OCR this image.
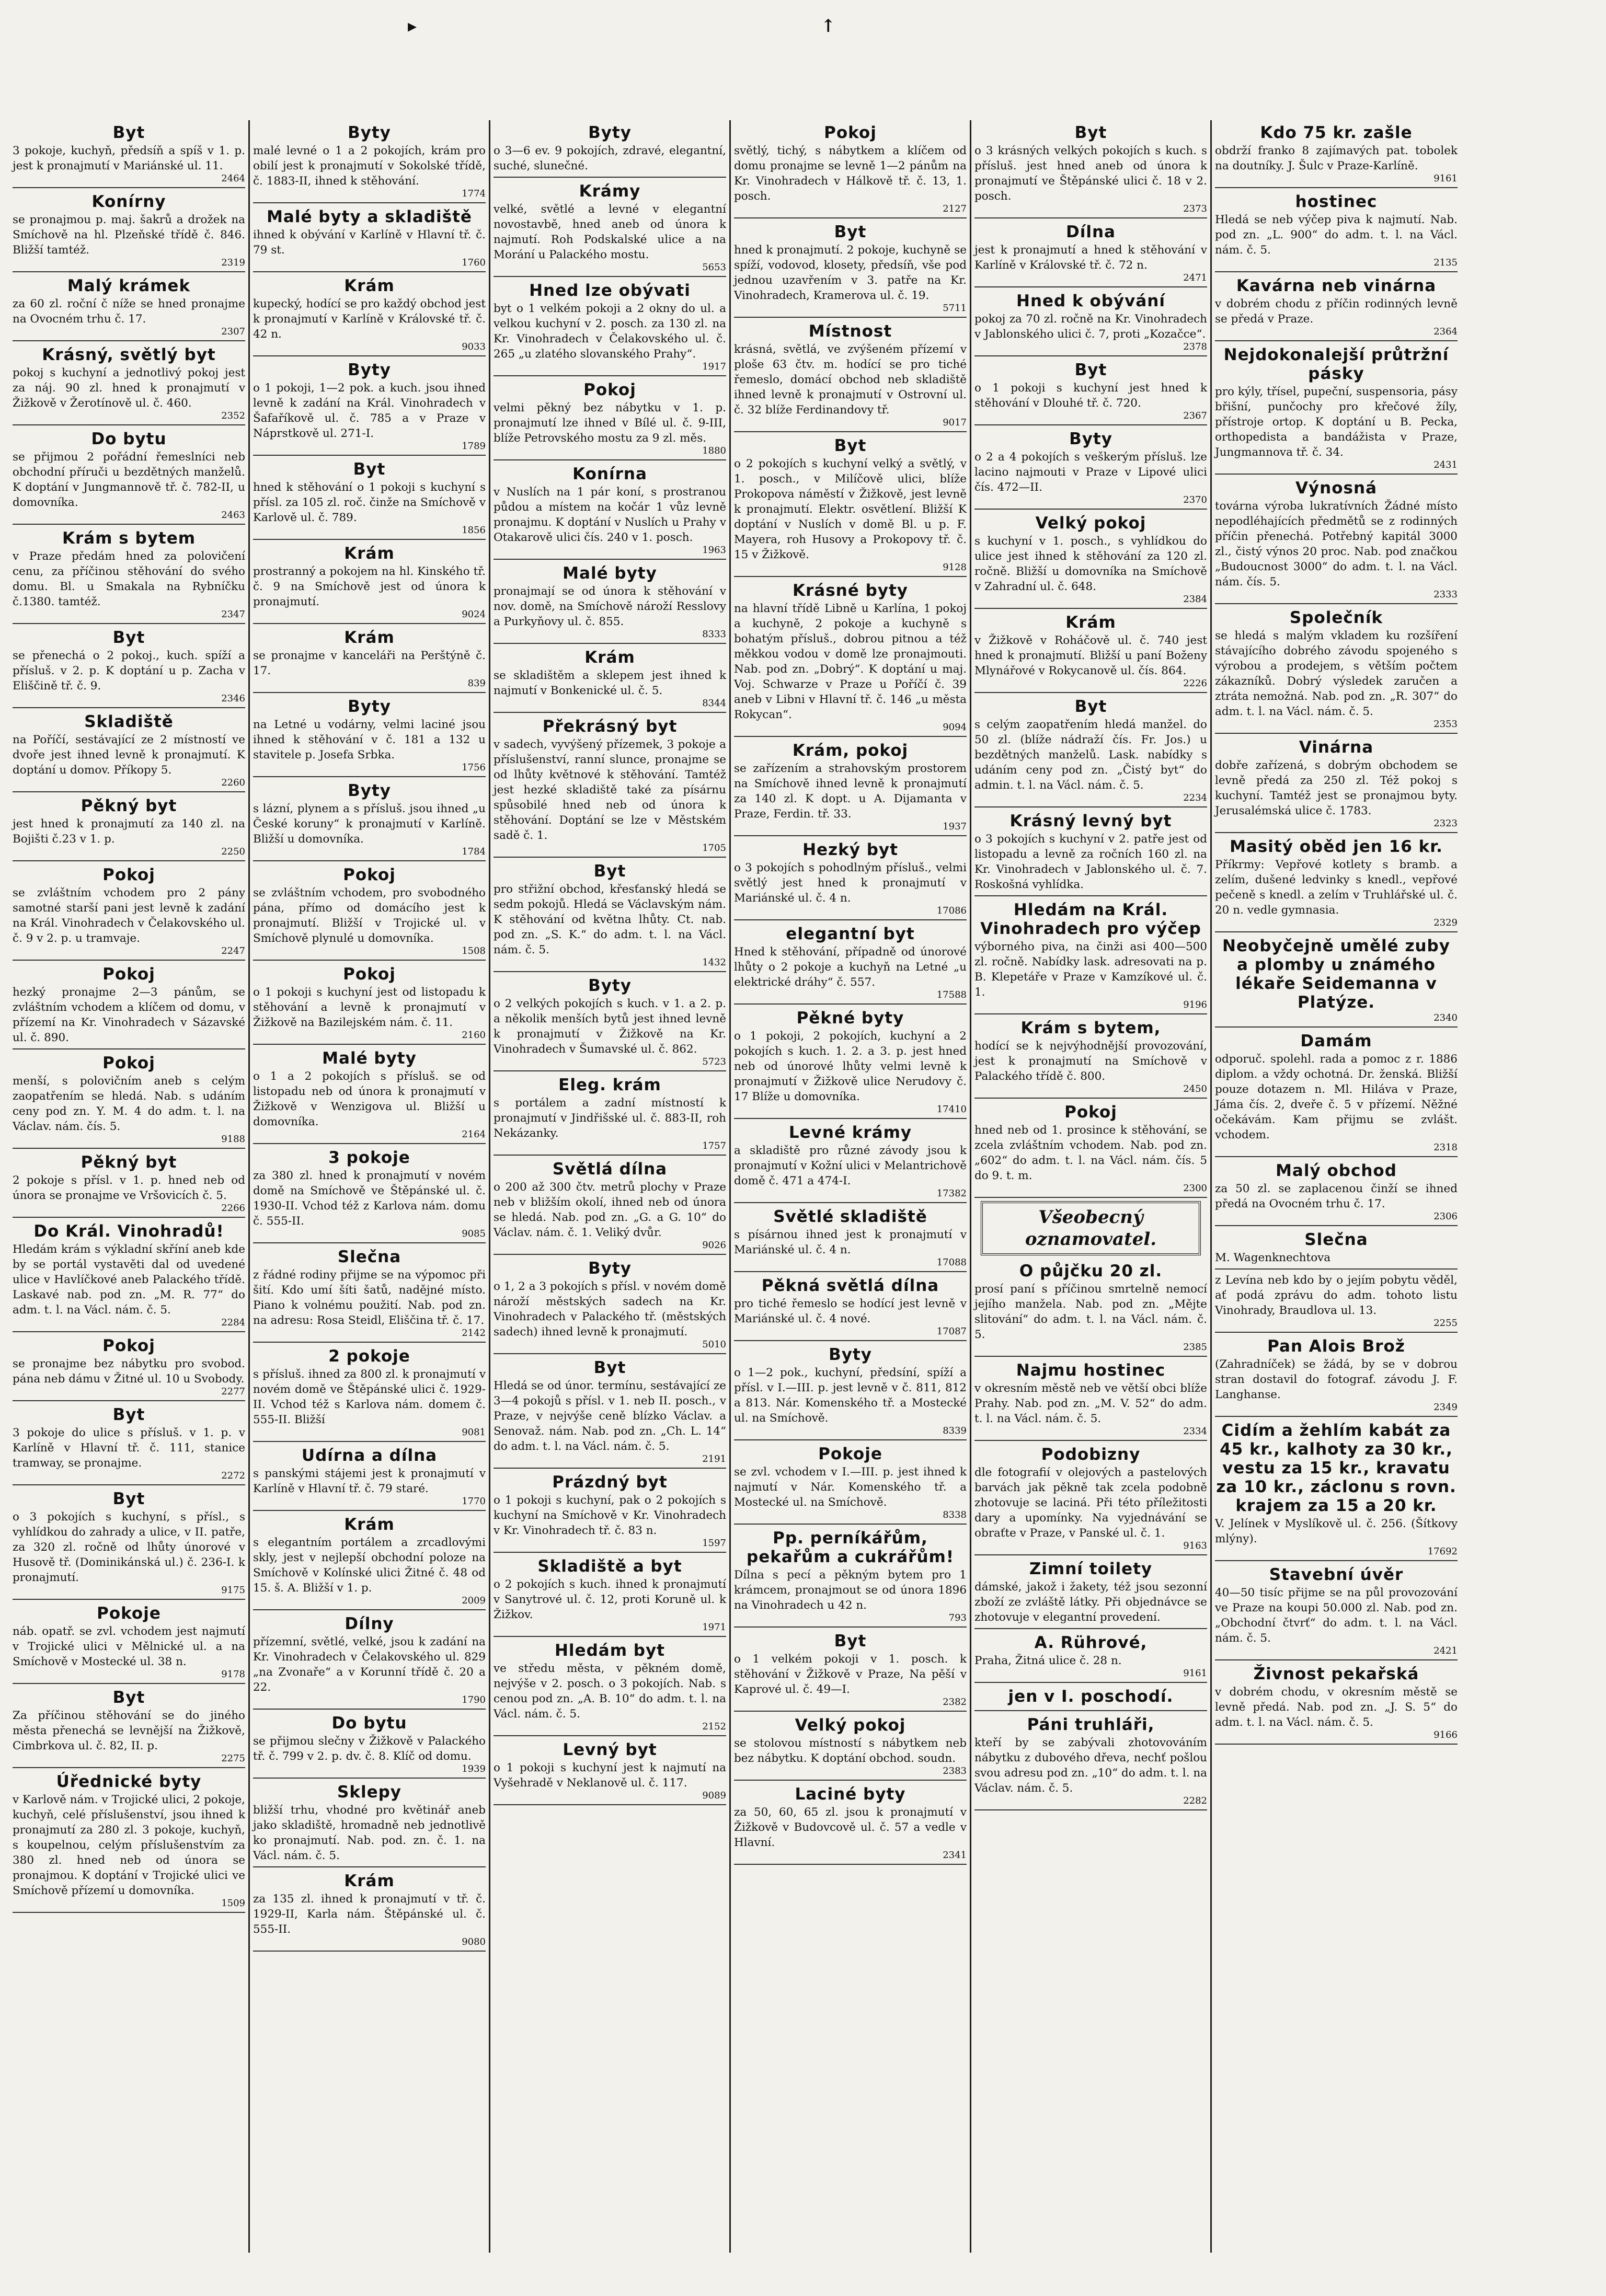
▸	↑
Byt

3 pokoje, kuchyň, předsíň a spíš v 1. p. jest k pronajmutí v Mariánské ul. 11.

2464
Konírny

se pronajmou p. maj. šakrů a drožek na Smíchově na hl. Plzeňské třídě č. 846. Bližší tamtéž.

2319
Malý krámek

za 60 zl. roční č níže se hned pronajme na Ovocném trhu č. 17.

2307
Krásný, světlý byt

pokoj s kuchyní a jednotlivý pokoj jest za náj. 90 zl. hned k pronajmutí v Žižkově v Žerotínově ul. č. 460.

2352
Do bytu

se přijmou 2 pořádní řemeslníci neb obchodní příruči u bezdětných manželů. K doptání v Jungmannově tř. č. 782-II, u domovníka.

2463
Krám s bytem

v Praze předám hned za polovičení cenu, za příčinou stěhování do svého domu. Bl. u Smakala na Rybníčku č.1380. tamtéž.

2347
Byt

se přenechá o 2 pokoj., kuch. spíží a přísluš. v 2. p. K doptání u p. Zacha v Eliščině tř. č. 9.

2346
Skladiště

na Poříčí, sestávající ze 2 místností ve dvoře jest ihned levně k pronajmutí. K doptání u domov. Příkopy 5.

2260
Pěkný byt

jest hned k pronajmutí za 140 zl. na Bojišti č.23 v 1. p.

2250
Pokoj

se zvláštním vchodem pro 2 pány samotné starší pani jest levně k zadání na Král. Vinohradech v Čelakovského ul. č. 9 v 2. p. u tramvaje.

2247
Pokoj

hezký pronajme 2—3 pánům, se zvláštním vchodem a klíčem od domu, v přízemí na Kr. Vinohradech v Sázavské ul. č. 890.

Pokoj

menší, s polovičním aneb s celým zaopatřením se hledá. Nab. s udáním ceny pod zn. Y. M. 4 do adm. t. l. na Václav. nám. čís. 5.

9188
Pěkný byt

2 pokoje s přísl. v 1. p. hned neb od února se pronajme ve Vršovicích č. 5.

2266
Do Král. Vinohradů!

Hledám krám s výkladní skříní aneb kde by se portál vystavěti dal od uvedené ulice v Havlíčkové aneb Palackého třídě. Laskavé nab. pod zn. „M. R. 77“ do adm. t. l. na Václ. nám. č. 5.

2284
Pokoj

se pronajme bez nábytku pro svobod. pána neb dámu v Žitné ul. 10 u Svobody.

2277
Byt

3 pokoje do ulice s přísluš. v 1. p. v Karlíně v Hlavní tř. č. 111, stanice tramway, se pronajme.

2272
Byt

o 3 pokojích s kuchyní, s přísl., s vyhlídkou do zahrady a ulice, v II. patře, za 320 zl. ročně od lhůty únorové v Husově tř. (Dominikánská ul.) č. 236-I. k pronajmutí.

9175
Pokoje

náb. opatř. se zvl. vchodem jest najmutí v Trojické ulici v Mělnické ul. a na Smíchově v Mostecké ul. 38 n.

9178
Byt

Za příčinou stěhování se do jiného města přenechá se levnější na Žižkově, Cimbrkova ul. č. 82, II. p.

2275
Úřednické byty

v Karlově nám. v Trojické ulici, 2 pokoje, kuchyň, celé příslušenství, jsou ihned k pronajmutí za 280 zl. 3 pokoje, kuchyň, s koupelnou, celým příslušenstvím za 380 zl. hned neb od února se pronajmou. K doptání v Trojické ulici ve Smíchově přízemí u domovníka.

1509
Byty

malé levné o 1 a 2 pokojích, krám pro obilí jest k pronajmutí v Sokolské třídě, č. 1883-II, ihned k stěhování.

1774
Malé byty a skladiště

ihned k obývání v Karlíně v Hlavní tř. č. 79 st.

1760
Krám

kupecký, hodící se pro každý obchod jest k pronajmutí v Karlíně v Královské tř. č. 42 n.

9033
Byty

o 1 pokoji, 1—2 pok. a kuch. jsou ihned levně k zadání na Král. Vinohradech v Šafaříkově ul. č. 785 a v Praze v Náprstkově ul. 271-I.

1789
Byt

hned k stěhování o 1 pokoji s kuchyní s přísl. za 105 zl. roč. činže na Smíchově v Karlově ul. č. 789.

1856
Krám

prostranný a pokojem na hl. Kinského tř. č. 9 na Smíchově jest od února k pronajmutí.

9024
Krám

se pronajme v kanceláři na Perštýně č. 17.

839
Byty

na Letné u vodárny, velmi laciné jsou ihned k stěhování v č. 181 a 132 u stavitele p. Josefa Srbka.

1756
Byty

s lázní, plynem a s přísluš. jsou ihned „u České koruny“ k pronajmutí v Karlíně. Bližší u domovníka.

1784
Pokoj

se zvláštním vchodem, pro svobodného pána, přímo od domácího jest k pronajmutí. Bližší v Trojické ul. v Smíchově plynulé u domovníka.

1508
Pokoj

o 1 pokoji s kuchyní jest od listopadu k stěhování a levně k pronajmutí v Žižkově na Bazilejském nám. č. 11.

2160
Malé byty

o 1 a 2 pokojích s přísluš. se od listopadu neb od února k pronajmutí v Žižkově v Wenzigova ul. Bližší u domovníka.

2164
3 pokoje

za 380 zl. hned k pronajmutí v novém domě na Smíchově ve Štěpánské ul. č. 1930-II. Vchod též z Karlova nám. domu č. 555-II.

9085
Slečna

z řádné rodiny přijme se na výpomoc při šití. Kdo umí šíti šatů, nadějné místo. Piano k volnému použití. Nab. pod zn. na adresu: Rosa Steidl, Eliščina tř. č. 17.

2142
2 pokoje

s přísluš. ihned za 800 zl. k pronajmutí v novém domě ve Štěpánské ulici č. 1929-II. Vchod též s Karlova nám. domem č. 555-II. Bližší

9081
Udírna a dílna

s panskými stájemi jest k pronajmutí v Karlíně v Hlavní tř. č. 79 staré.

1770
Krám

s elegantním portálem a zrcadlovými skly, jest v nejlepší obchodní poloze na Smíchově v Kolínské ulici Žitné č. 48 od 15. š. A. Bližší v 1. p.

2009
Dílny

přízemní, světlé, velké, jsou k zadání na Kr. Vinohradech v Čelakovského ul. 829 „na Zvonaře“ a v Korunní třídě č. 20 a 22.

1790
Do bytu

se přijmou slečny v Žižkově v Palackého tř. č. 799 v 2. p. dv. č. 8. Klíč od domu.

1939
Sklepy

bližší trhu, vhodné pro květinář aneb jako skladiště, hromadně neb jednotlivě ko pronajmutí. Nab. pod. zn. č. 1. na Václ. nám. č. 5.

Krám

za 135 zl. ihned k pronajmutí v tř. č. 1929-II, Karla nám. Štěpánské ul. č. 555-II.

9080
Byty

o 3—6 ev. 9 pokojích, zdravé, elegantní, suché, slunečné.

Krámy

velké, světlé a levné v elegantní novostavbě, hned aneb od února k najmutí. Roh Podskalské ulice a na Morání u Palackého mostu.

5653
Hned lze obývati

byt o 1 velkém pokoji a 2 okny do ul. a velkou kuchyní v 2. posch. za 130 zl. na Kr. Vinohradech v Čelakovského ul. č. 265 „u zlatého slovanského Prahy“.

1917
Pokoj

velmi pěkný bez nábytku v 1. p. pronajmutí lze ihned v Bílé ul. č. 9-III, blíže Petrovského mostu za 9 zl. měs.

1880
Konírna

v Nuslích na 1 pár koní, s prostranou půdou a místem na kočár 1 vůz levně pronajmu. K doptání v Nuslích u Prahy v Otakarově ulici čís. 240 v 1. posch.

1963
Malé byty

pronajmají se od února k stěhování v nov. domě, na Smíchově nároží Resslovy a Purkyňovy ul. č. 855.

8333
Krám

se skladištěm a sklepem jest ihned k najmutí v Bonkenické ul. č. 5.

8344
Překrásný byt

v sadech, vyvýšený přízemek, 3 pokoje a příslušenství, ranní slunce, pronajme se od lhůty květnové k stěhování. Tamtéž jest hezké skladiště také za písárnu spůsobilé hned neb od února k stěhování. Doptání se lze v Městském sadě č. 1.

1705
Byt

pro střižní obchod, křesťanský hledá se sedm pokojů. Hledá se Václavským nám. K stěhování od května lhůty. Ct. nab. pod zn. „S. K.“ do adm. t. l. na Václ. nám. č. 5.

1432
Byty

o 2 velkých pokojích s kuch. v 1. a 2. p. a několik menších bytů jest ihned levně k pronajmutí v Žižkově na Kr. Vinohradech v Šumavské ul. č. 862.

5723
Eleg. krám

s portálem a zadní místností k pronajmutí v Jindřišské ul. č. 883-II, roh Nekázanky.

1757
Světlá dílna

o 200 až 300 čtv. metrů plochy v Praze neb v bližším okolí, ihned neb od února se hledá. Nab. pod zn. „G. a G. 10“ do Václav. nám. č. 1. Veliký dvůr.

9026
Byty

o 1, 2 a 3 pokojích s přísl. v novém domě nároží městských sadech na Kr. Vinohradech v Palackého tř. (městských sadech) ihned levně k pronajmutí.

5010
Byt

Hledá se od únor. termínu, sestávající ze 3—4 pokojů s přísl. v 1. neb II. posch., v Praze, v nejvýše ceně blízko Václav. a Senovaž. nám. Nab. pod zn. „Ch. L. 14“ do adm. t. l. na Václ. nám. č. 5.

2191
Prázdný byt

o 1 pokoji s kuchyní, pak o 2 pokojích s kuchyní na Smíchově v Kr. Vinohradech v Kr. Vinohradech tř. č. 83 n.

1597
Skladiště a byt

o 2 pokojích s kuch. ihned k pronajmutí v Sanytrové ul. č. 12, proti Koruně ul. k Žižkov.

1971
Hledám byt

ve středu města, v pěkném domě, nejvýše v 2. posch. o 3 pokojích. Nab. s cenou pod zn. „A. B. 10“ do adm. t. l. na Václ. nám. č. 5.

2152
Levný byt

o 1 pokoji s kuchyní jest k najmutí na Vyšehradě v Neklanově ul. č. 117.

9089
Pokoj

světlý, tichý, s nábytkem a klíčem od domu pronajme se levně 1—2 pánům na Kr. Vinohradech v Hálkově tř. č. 13, 1. posch.

2127
Byt

hned k pronajmutí. 2 pokoje, kuchyně se spíží, vodovod, klosety, předsíň, vše pod jednou uzavřením v 3. patře na Kr. Vinohradech, Kramerova ul. č. 19.

5711
Místnost

krásná, světlá, ve zvýšeném přízemí v ploše 63 čtv. m. hodící se pro tiché řemeslo, domácí obchod neb skladiště ihned levně k pronajmutí v Ostrovní ul. č. 32 blíže Ferdinandovy tř.

9017
Byt

o 2 pokojích s kuchyní velký a světlý, v 1. posch., v Milíčově ulici, blíže Prokopova náměstí v Žižkově, jest levně k pronajmutí. Elektr. osvětlení. Bližší K doptání v Nuslích v domě Bl. u p. F. Mayera, roh Husovy a Prokopovy tř. č. 15 v Žižkově.

9128
Krásné byty

na hlavní třídě Libně u Karlína, 1 pokoj a kuchyně, 2 pokoje a kuchyně s bohatým přísluš., dobrou pitnou a též měkkou vodou v domě lze pronajmouti. Nab. pod zn. „Dobrý“. K doptání u maj. Voj. Schwarze v Praze u Poříčí č. 39 aneb v Libni v Hlavní tř. č. 146 „u města Rokycan“.

9094
Krám, pokoj

se zařízením a strahovským prostorem na Smíchově ihned levně k pronajmutí za 140 zl. K dopt. u A. Dijamanta v Praze, Ferdin. tř. 33.

1937
Hezký byt

o 3 pokojích s pohodlným přísluš., velmi světlý jest hned k pronajmutí v Mariánské ul. č. 4 n.

17086
elegantní byt

Hned k stěhování, případně od únorové lhůty o 2 pokoje a kuchyň na Letné „u elektrické dráhy“ č. 557.

17588
Pěkné byty

o 1 pokoji, 2 pokojích, kuchyní a 2 pokojích s kuch. 1. 2. a 3. p. jest hned neb od únorové lhůty velmi levně k pronajmutí v Žižkově ulice Nerudovy č. 17 Blíže u domovníka.

17410
Levné krámy

a skladiště pro různé závody jsou k pronajmutí v Kožní ulici v Melantrichově domě č. 471 a 474-I.

17382
Světlé skladiště

s písárnou ihned jest k pronajmutí v Mariánské ul. č. 4 n.

17088
Pěkná světlá dílna

pro tiché řemeslo se hodící jest levně v Mariánské ul. č. 4 nové.

17087
Byty

o 1—2 pok., kuchyní, předsíní, spíží a přísl. v I.—III. p. jest levně v č. 811, 812 a 813. Nár. Komenského tř. a Mostecké ul. na Smíchově.

8339
Pokoje

se zvl. vchodem v I.—III. p. jest ihned k najmutí v Nár. Komenského tř. a Mostecké ul. na Smíchově.

8338
Pp. perníkářům, pekařům a cukrářům!

Dílna s pecí a pěkným bytem pro 1 krámcem, pronajmout se od února 1896 na Vinohradech u 42 n.

793
Byt

o 1 velkém pokoji v 1. posch. k stěhování v Žižkově v Praze, Na pěší v Kaprové ul. č. 49—I.

2382
Velký pokoj

se stolovou místností s nábytkem neb bez nábytku. K doptání obchod. soudn.

2383
Laciné byty

za 50, 60, 65 zl. jsou k pronajmutí v Žižkově v Budovcově ul. č. 57 a vedle v Hlavní.

2341
Byt

o 3 krásných velkých pokojích s kuch. s přísluš. jest hned aneb od února k pronajmutí ve Štěpánské ulici č. 18 v 2. posch.

2373
Dílna

jest k pronajmutí a hned k stěhování v Karlíně v Královské tř. č. 72 n.

2471
Hned k obývání

pokoj za 70 zl. ročně na Kr. Vinohradech v Jablonského ulici č. 7, proti „Kozačce“.

2378
Byt

o 1 pokoji s kuchyní jest hned k stěhování v Dlouhé tř. č. 720.

2367
Byty

o 2 a 4 pokojích s veškerým přísluš. lze lacino najmouti v Praze v Lipové ulici čís. 472—II.

2370
Velký pokoj

s kuchyní v 1. posch., s vyhlídkou do ulice jest ihned k stěhování za 120 zl. ročně. Bližší u domovníka na Smíchově v Zahradní ul. č. 648.

2384
Krám

v Žižkově v Roháčově ul. č. 740 jest hned k pronajmutí. Bližší u paní Boženy Mlynářové v Rokycanově ul. čís. 864.

2226
Byt

s celým zaopatřením hledá manžel. do 50 zl. (blíže nádraží čís. Fr. Jos.) u bezdětných manželů. Lask. nabídky s udáním ceny pod zn. „Čistý byt“ do admin. t. l. na Václ. nám. č. 5.

2234
Krásný levný byt

o 3 pokojích s kuchyní v 2. patře jest od listopadu a levně za ročních 160 zl. na Kr. Vinohradech v Jablonského ul. č. 7. Roskošná vyhlídka.

Hledám na Král. Vinohradech pro výčep

výborného piva, na činži asi 400—500 zl. ročně. Nabídky lask. adresovati na p. B. Klepetáře v Praze v Kamzíkové ul. č. 1.

9196
Krám s bytem,

hodící se k nejvýhodnější provozování, jest k pronajmutí na Smíchově v Palackého třídě č. 800.

2450
Pokoj

hned neb od 1. prosince k stěhování, se zcela zvláštním vchodem. Nab. pod zn. „602“ do adm. t. l. na Václ. nám. čís. 5 do 9. t. m.

2300
Všeobecný oznamovatel.
O půjčku 20 zl.

prosí paní s příčinou smrtelně nemocí jejího manžela. Nab. pod zn. „Mějte slitování“ do adm. t. l. na Václ. nám. č. 5.

2385
Najmu hostinec

v okresním městě neb ve větší obci blíže Prahy. Nab. pod zn. „M. V. 52“ do adm. t. l. na Václ. nám. č. 5.

2334
Podobizny

dle fotografií v olejových a pastelových barvách jak pěkně tak zcela podobně zhotovuje se laciná. Při této příležitosti dary a upomínky. Na vyjednávání se obraťte v Praze, v Panské ul. č. 1.

9163
Zimní toilety

dámské, jakož i žakety, též jsou sezonní zboží ze zvláště látky. Při objednávce se zhotovuje v elegantní provedení.

A. Rührové,

Praha, Žitná ulice č. 28 n.

9161
jen v I. poschodí.
Páni truhláři,

kteří by se zabývali zhotovováním nábytku z dubového dřeva, nechť pošlou svou adresu pod zn. „10“ do adm. t. l. na Václav. nám. č. 5.

2282
Kdo 75 kr. zašle

obdrží franko 8 zajímavých pat. tobolek na doutníky. J. Šulc v Praze-Karlíně.

9161
hostinec

Hledá se neb výčep piva k najmutí. Nab. pod zn. „L. 900“ do adm. t. l. na Václ. nám. č. 5.

2135
Kavárna neb vinárna

v dobrém chodu z příčin rodinných levně se předá v Praze.

2364
Nejdokonalejší průtržní pásky

pro kýly, třísel, pupeční, suspensoria, pásy břišní, punčochy pro křečové žíly, přístroje ortop. K doptání u B. Pecka, orthopedista a bandážista v Praze, Jungmannova tř. č. 34.

2431
Výnosná

továrna výroba lukratívních Žádné místo nepodléhajících předmětů se z rodinných příčin přenechá. Potřebný kapitál 3000 zl., čistý výnos 20 proc. Nab. pod značkou „Budoucnost 3000“ do adm. t. l. na Václ. nám. čís. 5.

2333
Společník

se hledá s malým vkladem ku rozšíření stávajícího dobrého závodu spojeného s výrobou a prodejem, s větším počtem zákazníků. Dobrý výsledek zaručen a ztráta nemožná. Nab. pod zn. „R. 307“ do adm. t. l. na Václ. nám. č. 5.

2353
Vinárna

dobře zařízená, s dobrým obchodem se levně předá za 250 zl. Též pokoj s kuchyní. Tamtéž jest se pronajmou byty. Jerusalémská ulice č. 1783.

2323
Masitý oběd jen 16 kr.

Příkrmy: Vepřové kotlety s bramb. a zelím, dušené ledvinky s knedl., vepřové pečeně s knedl. a zelím v Truhlářské ul. č. 20 n. vedle gymnasia.

2329
Neobyčejně umělé zuby a plomby u známého lékaře Seidemanna v Platýze.
2340
Damám

odporuč. spolehl. rada a pomoc z r. 1886 diplom. a vždy ochotná. Dr. ženská. Bližší pouze dotazem n. Ml. Hiláva v Praze, Jáma čís. 2, dveře č. 5 v přízemí. Něžné očekávám. Kam přijmu se zvlášt. vchodem.

2318
Malý obchod

za 50 zl. se zaplacenou činží se ihned předá na Ovocném trhu č. 17.

2306
Slečna

M. Wagenknechtova

z Levína neb kdo by o jejím pobytu věděl, ať podá zprávu do adm. tohoto listu Vinohrady, Braudlova ul. 13.

2255
Pan Alois Brož

(Zahradníček) se žádá, by se v dobrou stran dostavil do fotograf. závodu J. F. Langhanse.

2349
Cidím a žehlím kabát za 45 kr., kalhoty za 30 kr., vestu za 15 kr., kravatu za 10 kr., záclonu s rovn. krajem za 15 a 20 kr.

V. Jelínek v Myslíkově ul. č. 256. (Šítkovy mlýny).

17692
Stavební úvěr

40—50 tisíc přijme se na půl provozování ve Praze na koupi 50.000 zl. Nab. pod zn. „Obchodní čtvrť“ do adm. t. l. na Václ. nám. č. 5.

2421
Živnost pekařská

v dobrém chodu, v okresním městě se levně předá. Nab. pod zn. „J. S. 5“ do adm. t. l. na Václ. nám. č. 5.

9166
